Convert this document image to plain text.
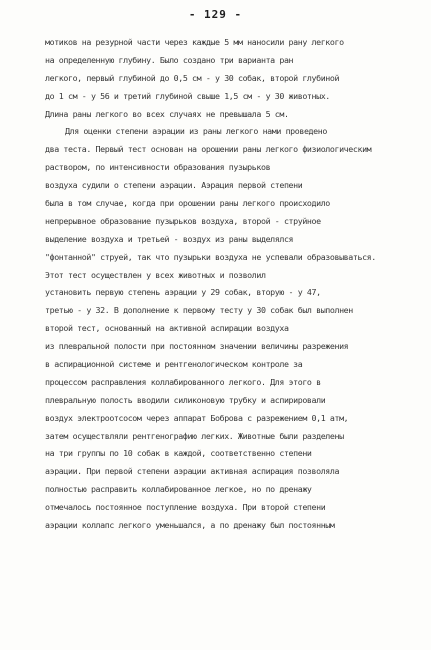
- 129 -
мотиков на резурной части через каждые 5 мм наносили рану легкого
на определенную глубину. Было создано три варианта ран
легкого, первый глубиной до 0,5 см - у 30 собак, второй глубиной
до 1 см - у 56 и третий глубиной свыше 1,5 см - у 30 животных.
Длина раны легкого во всех случаях не превышала 5 см.
Для оценки степени аэрации из раны легкого нами проведено
два теста. Первый тест основан на орошении раны легкого физиологическим
раствором, по интенсивности образования пузырьков
воздуха судили о степени аэрации. Аэрация первой степени
была в том случае, когда при орошении раны легкого происходило
непрерывное образование пузырьков воздуха, второй - струйное
выделение воздуха и третьей - воздух из раны выделялся
"фонтанной" струей, так что пузырьки воздуха не успевали образовываться.
Этот тест осуществлен у всех животных и позволил
установить первую степень аэрации у 29 собак, вторую - у 47,
третью - у 32. В дополнение к первому тесту у 30 собак был выполнен
второй тест, основанный на активной аспирации воздуха
из плевральной полости при постоянном значении величины разрежения
в аспирационной системе и рентгенологическом контроле за
процессом расправления коллабированного легкого. Для этого в
плевральную полость вводили силиконовую трубку и аспирировали
воздух электроотсосом через аппарат Боброва с разрежением 0,1 атм,
затем осуществляли рентгенографию легких. Животные были разделены
на три группы по 10 собак в каждой, соответственно степени
аэрации. При первой степени аэрации активная аспирация позволяла
полностью расправить коллабированное легкое, но по дренажу
отмечалось постоянное поступление воздуха. При второй степени
аэрации коллапс легкого уменьшался, а по дренажу был постоянным
